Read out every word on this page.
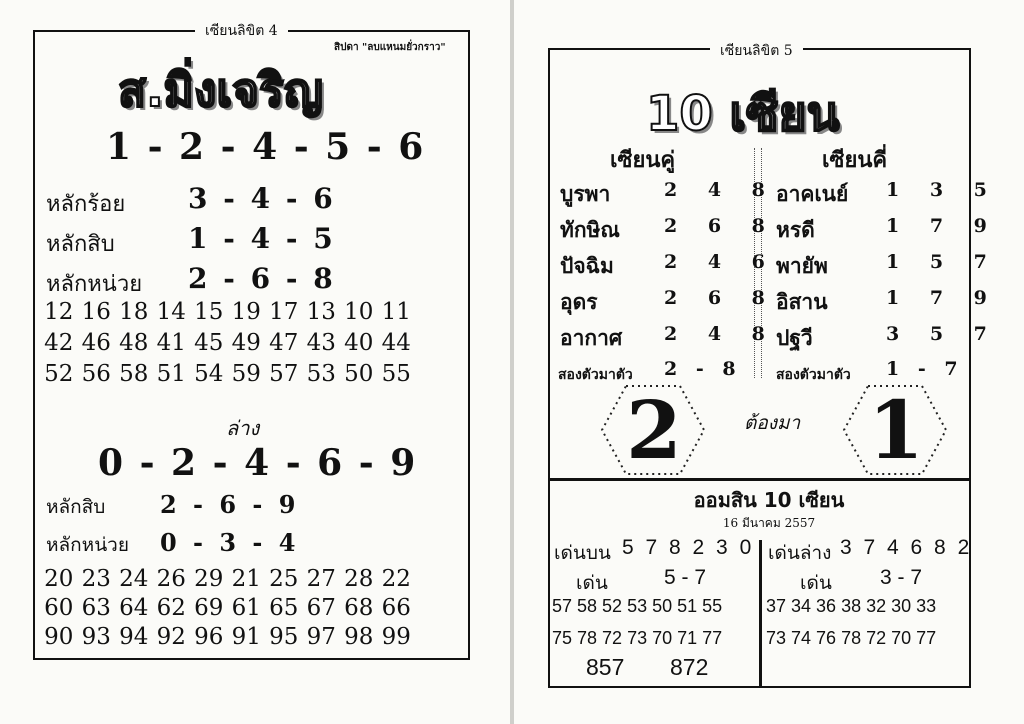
เซียนลิขิต 4
สิปดา "ลบแหนมยั่วกราว"
ส.มิ่งเจริญ
1 - 2 - 4 - 5 - 6
หลักร้อย 3 - 4 - 6
หลักสิบ	1 - 4 - 5
หลักหน่วย 2 - 6 - 8
12 16 18 14 15 19 17 13 10 11
42 46 48 41 45 49 47 43 40 44
52 56 58 51 54 59 57 53 50 55
ล่าง
0 - 2 - 4 - 6 - 9
หลักสิบ 2 - 6 - 9
หลักหน่วย 0 - 3 - 4
20 23 24 26 29 21 25 27 28 22
60 63 64 62 69 61 65 67 68 66
90 93 94 92 96 91 95 97 98 99
เซียนลิขิต 5
10 เซียน
เซียนคู่	เซียนคี่
บูรพา	2 4 8
ทักษิณ 2 6 8
ปัจฉิม	2 4 6
อุดร	2 6 8
อากาศ 2 4 8
สองตัวมาตัว 2 - 8
อาคเนย์ 1 3 5
หรดี	1 7 9
พายัพ	1 5 7
อิสาน	1 7 9
ปฐวี	3 5 7
สองตัวมาตัว 1 - 7
2	ต้องมา 1
ออมสิน 10 เซียน
16 มีนาคม 2557
เด่นบน 5 7 8 2 3 0
เด่น	5 - 7
57 58 52 53 50 51 55
75 78 72 73 70 71 77
เด่นล่าง 3 7 4 6 8 2
เด่น 3 - 7
37 34 36 38 32 30 33
73 74 76 78 72 70 77
857 872
